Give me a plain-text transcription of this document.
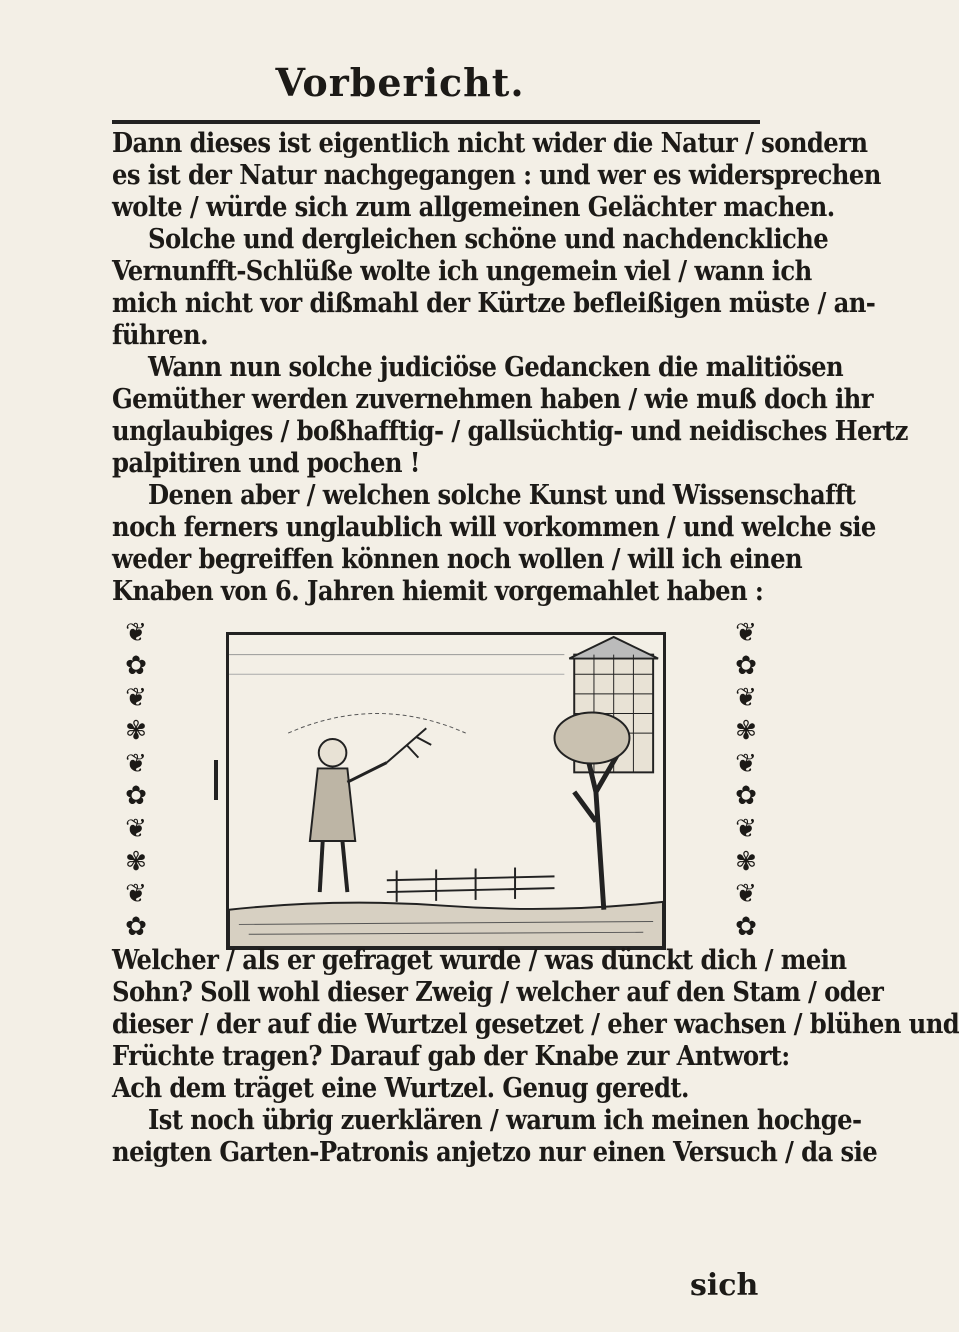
Vorbericht.
Dann dieses ist eigentlich nicht wider die Natur / sondern
es ist der Natur nachgegangen : und wer es widersprechen
wolte / würde sich zum allgemeinen Gelächter machen.
Solche und dergleichen schöne und nachdenckliche
Vernunfft-Schlüße wolte ich ungemein viel / wann ich
mich nicht vor dißmahl der Kürtze befleißigen müste / an-
führen.
Wann nun solche judiciöse Gedancken die malitiösen
Gemüther werden zuvernehmen haben / wie muß doch ihr
unglaubiges / boßhafftig- / gallsüchtig- und neidisches Hertz
palpitiren und pochen !
Denen aber / welchen solche Kunst und Wissenschafft
noch ferners unglaublich will vorkommen / und welche sie
weder begreiffen können noch wollen / will ich einen
Knaben von 6. Jahren hiemit vorgemahlet haben :
❦
✿
❦
✾
❦
✿
❦
✾
❦
✿
❦
✿
❦
✾
❦
✿
❦
✾
❦
✿
Welcher / als er gefraget wurde / was dünckt dich / mein
Sohn? Soll wohl dieser Zweig / welcher auf den Stam / oder
dieser / der auf die Wurtzel gesetzet / eher wachsen / blühen und
Früchte tragen? Darauf gab der Knabe zur Antwort:
Ach dem träget eine Wurtzel. Genug geredt.
Ist noch übrig zuerklären / warum ich meinen hochge-
neigten Garten-Patronis anjetzo nur einen Versuch / da sie
sich
